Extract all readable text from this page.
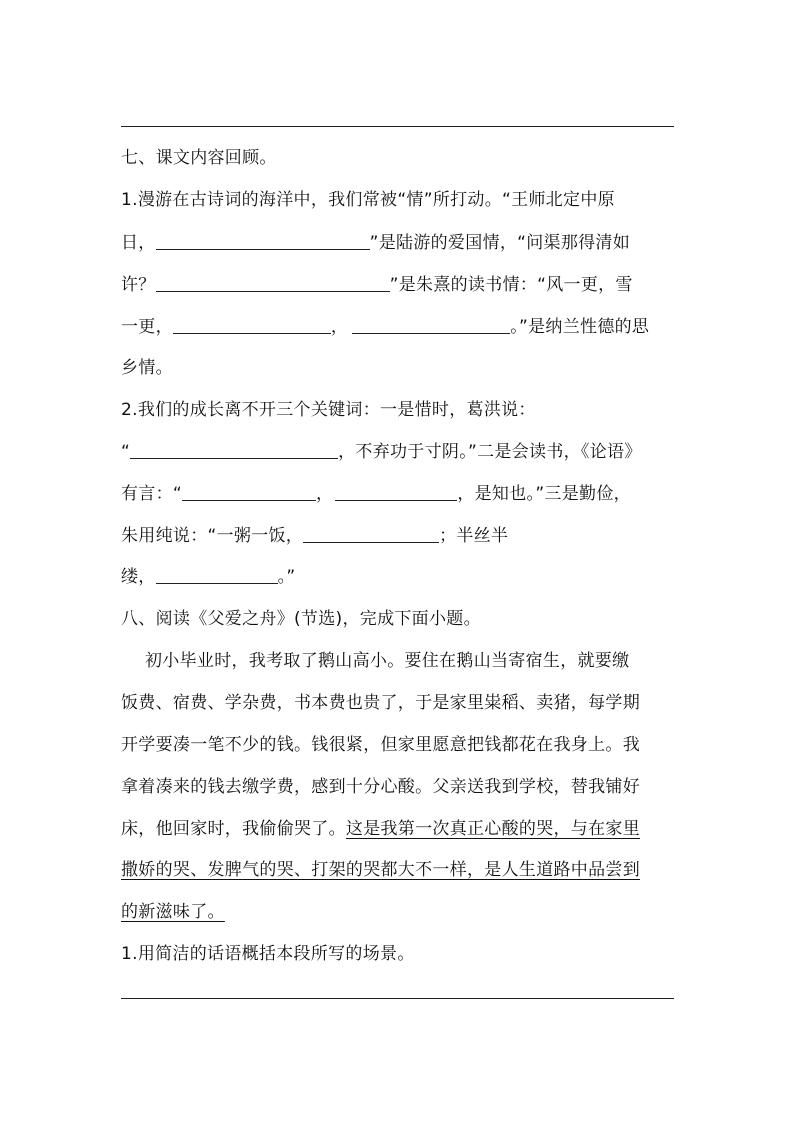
七、课文内容回顾。
1.漫游在古诗词的海洋中，我们常被“情”所打动。“王师北定中原
日，	”是陆游的爱国情，“问渠那得清如
许？	”是朱熹的读书情：“风一更，雪
一更，	，	。”是纳兰性德的思
乡情。
2.我们的成长离不开三个关键词：一是惜时，葛洪说：
“	，不弃功于寸阴。”二是会读书，《论语》
有言：“	，	，是知也。”三是勤俭，
朱用纯说：“一粥一饭，	；半丝半
缕，	。”
八、阅读《父爱之舟》(节选)，完成下面小题。
初小毕业时，我考取了鹅山高小。要住在鹅山当寄宿生，就要缴
饭费、宿费、学杂费，书本费也贵了，于是家里粜稻、卖猪，每学期
开学要凑一笔不少的钱。钱很紧，但家里愿意把钱都花在我身上。我
拿着凑来的钱去缴学费，感到十分心酸。父亲送我到学校，替我铺好
床，他回家时，我偷偷哭了。这是我第一次真正心酸的哭，与在家里
撒娇的哭、发脾气的哭、打架的哭都大不一样，是人生道路中品尝到
的新滋味了。
1.用简洁的话语概括本段所写的场景。
